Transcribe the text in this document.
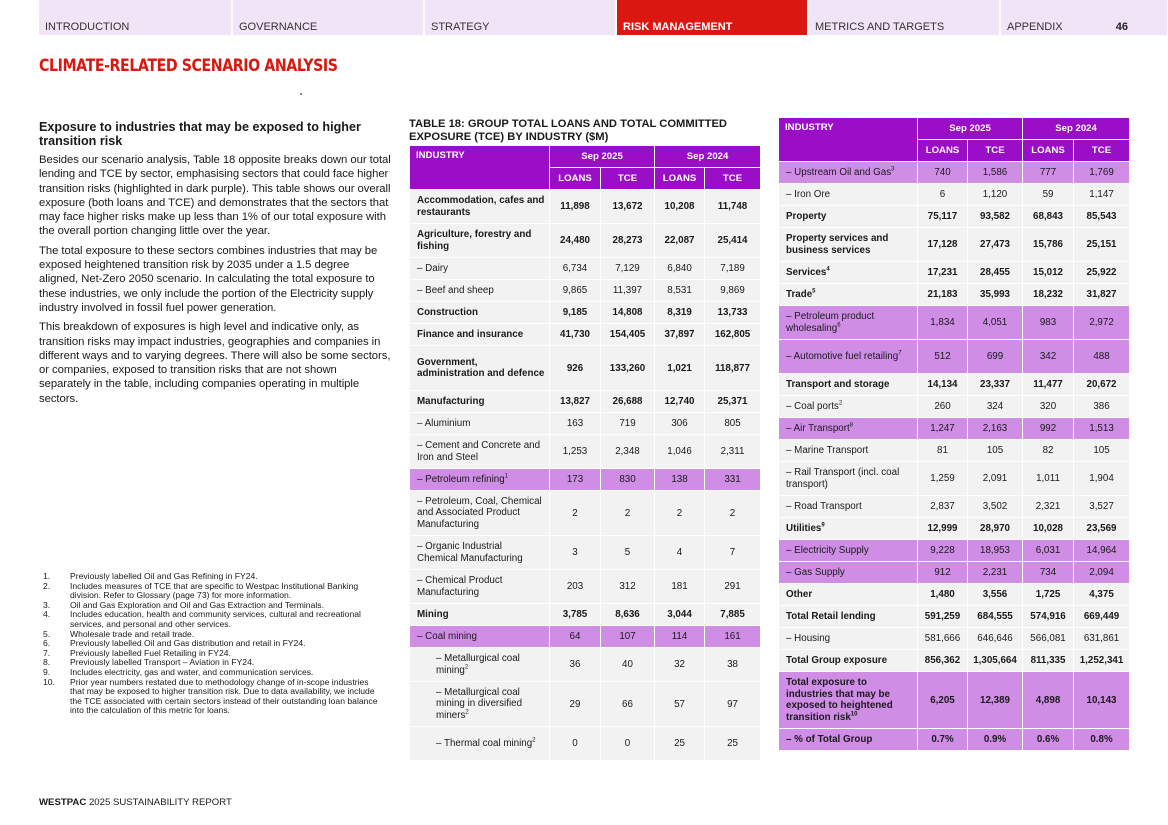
INTRODUCTION	GOVERNANCE	STRATEGY	RISK MANAGEMENT	METRICS AND TARGETS	APPENDIX	46
CLIMATE-RELATED SCENARIO ANALYSIS
Exposure to industries that may be exposed to higher transition risk

Besides our scenario analysis, Table 18 opposite breaks down our total lending and TCE by sector, emphasising sectors that could face higher transition risks (highlighted in dark purple). This table shows our overall exposure (both loans and TCE) and demonstrates that the sectors that may face higher risks make up less than 1% of our total exposure with the overall portion changing little over the year.

The total exposure to these sectors combines industries that may be exposed heightened transition risk by 2035 under a 1.5 degree aligned, Net-Zero 2050 scenario. In calculating the total exposure to these industries, we only include the portion of the Electricity supply industry involved in fossil fuel power generation.

This breakdown of exposures is high level and indicative only, as transition risks may impact industries, geographies and companies in different ways and to varying degrees. There will also be some sectors, or companies, exposed to transition risks that are not shown separately in the table, including companies operating in multiple sectors.

1.	Previously labelled Oil and Gas Refining in FY24.
2.	Includes measures of TCE that are specific to Westpac Institutional Banking division. Refer to Glossary (page 73) for more information.
3.	Oil and Gas Exploration and Oil and Gas Extraction and Terminals.
4.	Includes education, health and community services, cultural and recreational services, and personal and other services.
5.	Wholesale trade and retail trade.
6.	Previously labelled Oil and Gas distribution and retail in FY24.
7.	Previously labelled Fuel Retailing in FY24.
8.	Previously labelled Transport – Aviation in FY24.
9.	Includes electricity, gas and water, and communication services.
10.	Prior year numbers restated due to methodology change of in-scope industries that may be exposed to higher transition risk. Due to data availability, we include the TCE associated with certain sectors instead of their outstanding loan balance into the calculation of this metric for loans.
WESTPAC 2025 SUSTAINABILITY REPORT
TABLE 18: GROUP TOTAL LOANS AND TOTAL COMMITTED EXPOSURE (TCE) BY INDUSTRY ($M)
INDUSTRY	Sep 2025		Sep 2024	
	LOANS	TCE	LOANS	TCE
Accommodation, cafes and restaurants	11,898	13,672	10,208	11,748
Agriculture, forestry and fishing	24,480	28,273	22,087	25,414
– Dairy	6,734	7,129	6,840	7,189
– Beef and sheep	9,865	11,397	8,531	9,869
Construction	9,185	14,808	8,319	13,733
Finance and insurance	41,730	154,405	37,897	162,805
Government, administration and defence	926	133,260	1,021	118,877
Manufacturing	13,827	26,688	12,740	25,371
– Aluminium	163	719	306	805
– Cement and Concrete and Iron and Steel	1,253	2,348	1,046	2,311
– Petroleum refining$^1$	173	830	138	331
– Petroleum, Coal, Chemical and Associated Product Manufacturing	2	2	2	2
– Organic Industrial Chemical Manufacturing	3	5	4	7
– Chemical Product Manufacturing	203	312	181	291
Mining	3,785	8,636	3,044	7,885
– Coal mining	64	107	114	161
– Metallurgical coal mining$^2$	36	40	32	38
– Metallurgical coal mining in diversified miners$^2$	29	66	57	97
– Thermal coal mining$^2$	0	0	25	25
INDUSTRY	Sep 2025		Sep 2024	
	LOANS	TCE	LOANS	TCE
– Upstream Oil and Gas$^3$	740	1,586	777	1,769
– Iron Ore	6	1,120	59	1,147
Property	75,117	93,582	68,843	85,543
Property services and business services	17,128	27,473	15,786	25,151
Services$^4$	17,231	28,455	15,012	25,922
Trade$^5$	21,183	35,993	18,232	31,827
– Petroleum product wholesaling$^6$	1,834	4,051	983	2,972
– Automotive fuel retailing$^7$	512	699	342	488
Transport and storage	14,134	23,337	11,477	20,672
– Coal ports$^2$	260	324	320	386
– Air Transport$^8$	1,247	2,163	992	1,513
– Marine Transport	81	105	82	105
– Rail Transport (incl. coal transport)	1,259	2,091	1,011	1,904
– Road Transport	2,837	3,502	2,321	3,527
Utilities$^9$	12,999	28,970	10,028	23,569
– Electricity Supply	9,228	18,953	6,031	14,964
– Gas Supply	912	2,231	734	2,094
Other	1,480	3,556	1,725	4,375
Total Retail lending	591,259	684,555	574,916	669,449
– Housing	581,666	646,646	566,081	631,861
Total Group exposure	856,362	1,305,664	811,335	1,252,341
Total exposure to industries that may be exposed to heightened transition risk$^{10}$	6,205	12,389	4,898	10,143
– % of Total Group	0.7%	0.9%	0.6%	0.8%
